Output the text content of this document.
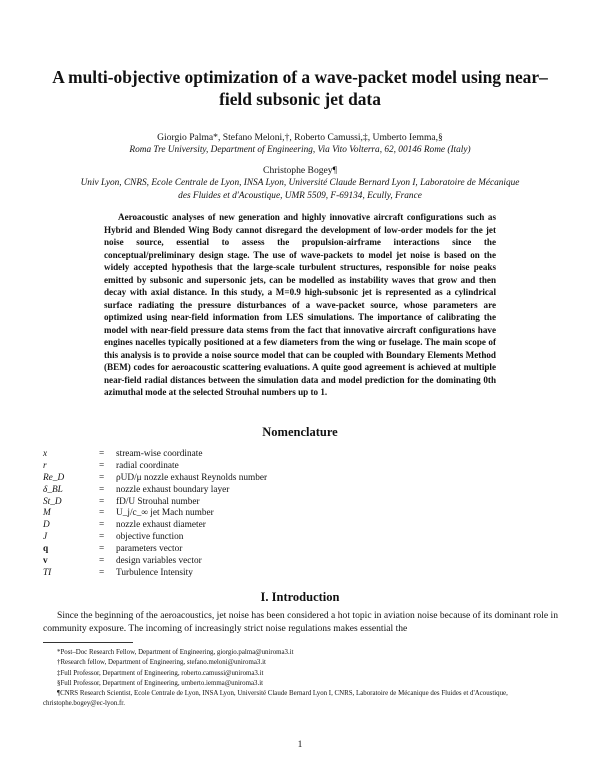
A multi-objective optimization of a wave-packet model using near–field subsonic jet data
Giorgio Palma*, Stefano Meloni,†, Roberto Camussi,‡, Umberto Iemma,§
Roma Tre University, Department of Engineering, Via Vito Volterra, 62, 00146 Rome (Italy)
Christophe Bogey¶
Univ Lyon, CNRS, Ecole Centrale de Lyon, INSA Lyon, Université Claude Bernard Lyon I, Laboratoire de Mécanique
des Fluides et d'Acoustique, UMR 5509, F-69134, Ecully, France

Aeroacoustic analyses of new generation and highly innovative aircraft configurations such as Hybrid and Blended Wing Body cannot disregard the development of low-order models for the jet noise source, essential to assess the propulsion-airframe interactions since the conceptual/preliminary design stage. The use of wave-packets to model jet noise is based on the widely accepted hypothesis that the large-scale turbulent structures, responsible for noise peaks emitted by subsonic and supersonic jets, can be modelled as instability waves that grow and then decay with axial distance. In this study, a M=0.9 high-subsonic jet is represented as a cylindrical surface radiating the pressure disturbances of a wave-packet source, whose parameters are optimized using near-field information from LES simulations. The importance of calibrating the model with near-field pressure data stems from the fact that innovative aircraft configurations have engines nacelles typically positioned at a few diameters from the wing or fuselage. The main scope of this analysis is to provide a noise source model that can be coupled with Boundary Elements Method (BEM) codes for aeroacoustic scattering evaluations. A quite good agreement is achieved at multiple near-field radial distances between the simulation data and model prediction for the dominating 0th azimuthal mode at the selected Strouhal numbers up to 1.

Nomenclature
x	=	stream-wise coordinate
r	=	radial coordinate
Re_D	=	ρUD/μ nozzle exhaust Reynolds number
δ_BL	=	nozzle exhaust boundary layer
St_D	=	fD/U Strouhal number
M	=	U_j/c_∞ jet Mach number
D	=	nozzle exhaust diameter
J	=	objective function
q	=	parameters vector
v	=	design variables vector
TI	=	Turbulence Intensity
I. Introduction

Since the beginning of the aeroacoustics, jet noise has been considered a hot topic in aviation noise because of its dominant role in community exposure. The incoming of increasingly strict noise regulations makes essential the

*Post–Doc Research Fellow, Department of Engineering, giorgio.palma@uniroma3.it
†Research fellow, Department of Engineering, stefano.meloni@uniroma3.it
‡Full Professor, Department of Engineering, roberto.camussi@uniroma3.it
§Full Professor, Department of Engineering, umberto.iemma@uniroma3.it
¶CNRS Research Scientist, Ecole Centrale de Lyon, INSA Lyon, Université Claude Bernard Lyon I, CNRS, Laboratoire de Mécanique des Fluides et d'Acoustique, christophe.bogey@ec-lyon.fr.
1
